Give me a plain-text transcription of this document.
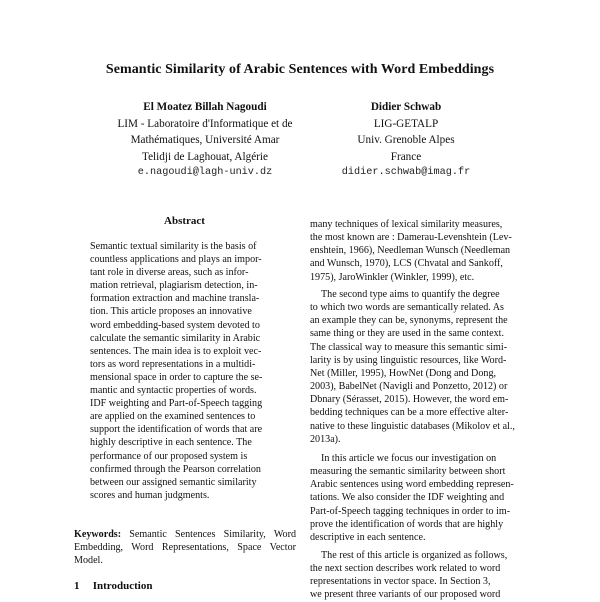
Semantic Similarity of Arabic Sentences with Word Embeddings
El Moatez Billah Nagoudi
LIM - Laboratoire d'Informatique et de
Mathématiques, Université Amar
Telidji de Laghouat, Algérie
e.nagoudi@lagh-univ.dz
Didier Schwab
LIG-GETALP
Univ. Grenoble Alpes
France
didier.schwab@imag.fr
Abstract
Semantic textual similarity is the basis of
countless applications and plays an impor-
tant role in diverse areas, such as infor-
mation retrieval, plagiarism detection, in-
formation extraction and machine transla-
tion. This article proposes an innovative
word embedding-based system devoted to
calculate the semantic similarity in Arabic
sentences. The main idea is to exploit vec-
tors as word representations in a multidi-
mensional space in order to capture the se-
mantic and syntactic properties of words.
IDF weighting and Part-of-Speech tagging
are applied on the examined sentences to
support the identification of words that are
highly descriptive in each sentence. The
performance of our proposed system is
confirmed through the Pearson correlation
between our assigned semantic similarity
scores and human judgments.
Keywords: Semantic Sentences Similarity, Word Embedding, Word Representations, Space Vector Model.
1 Introduction
many techniques of lexical similarity measures,
the most known are : Damerau-Levenshtein (Lev-
enshtein, 1966), Needleman Wunsch (Needleman
and Wunsch, 1970), LCS (Chvatal and Sankoff,
1975), JaroWinkler (Winkler, 1999), etc.
The second type aims to quantify the degree
to which two words are semantically related. As
an example they can be, synonyms, represent the
same thing or they are used in the same context.
The classical way to measure this semantic simi-
larity is by using linguistic resources, like Word-
Net (Miller, 1995), HowNet (Dong and Dong,
2003), BabelNet (Navigli and Ponzetto, 2012) or
Dbnary (Sérasset, 2015). However, the word em-
bedding techniques can be a more effective alter-
native to these linguistic databases (Mikolov et al.,
2013a).
In this article we focus our investigation on
measuring the semantic similarity between short
Arabic sentences using word embedding represen-
tations. We also consider the IDF weighting and
Part-of-Speech tagging techniques in order to im-
prove the identification of words that are highly
descriptive in each sentence.
The rest of this article is organized as follows,
the next section describes work related to word
representations in vector space. In Section 3,
we present three variants of our proposed word
